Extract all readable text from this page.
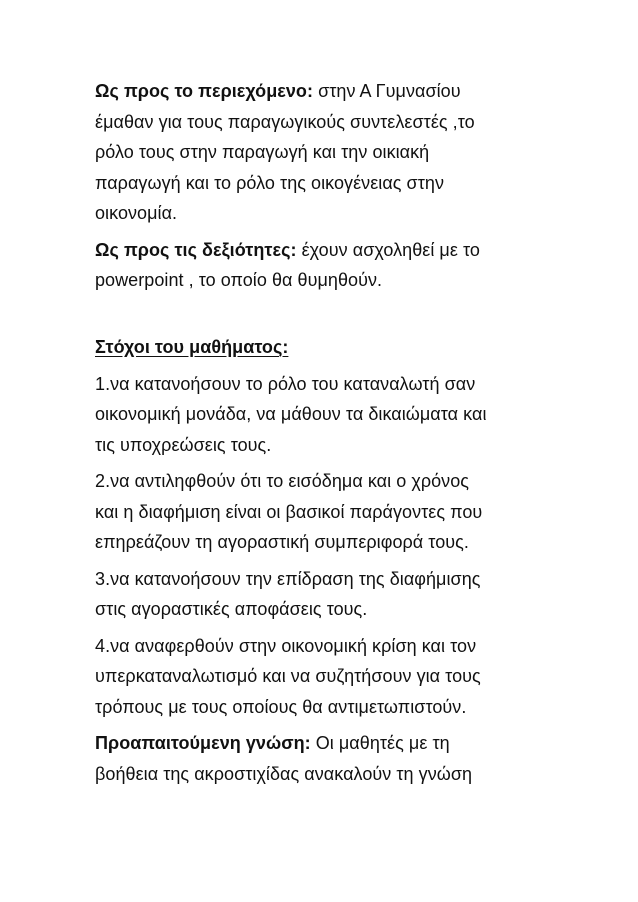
Ως προς το περιεχόμενο: στην Α Γυμνασίου
έμαθαν για τους παραγωγικούς συντελεστές ,το
ρόλο τους στην παραγωγή και την οικιακή
παραγωγή και το ρόλο της οικογένειας στην
οικονομία.
Ως προς τις δεξιότητες: έχουν ασχοληθεί με το
powerpoint , το οποίο θα θυμηθούν.
Στόχοι του μαθήματος:
1.να κατανοήσουν το ρόλο του καταναλωτή σαν
οικονομική μονάδα, να μάθουν τα δικαιώματα και
τις υποχρεώσεις τους.
2.να αντιληφθούν ότι το εισόδημα και ο χρόνος
και η διαφήμιση είναι οι βασικοί παράγοντες που
επηρεάζουν τη αγοραστική συμπεριφορά τους.
3.να κατανοήσουν την επίδραση της διαφήμισης
στις αγοραστικές αποφάσεις τους.
4.να αναφερθούν στην οικονομική κρίση και τον
υπερκαταναλωτισμό και να συζητήσουν για τους
τρόπους με τους οποίους θα αντιμετωπιστούν.
Προαπαιτούμενη γνώση: Οι μαθητές με τη
βοήθεια της ακροστιχίδας ανακαλούν τη γνώση
